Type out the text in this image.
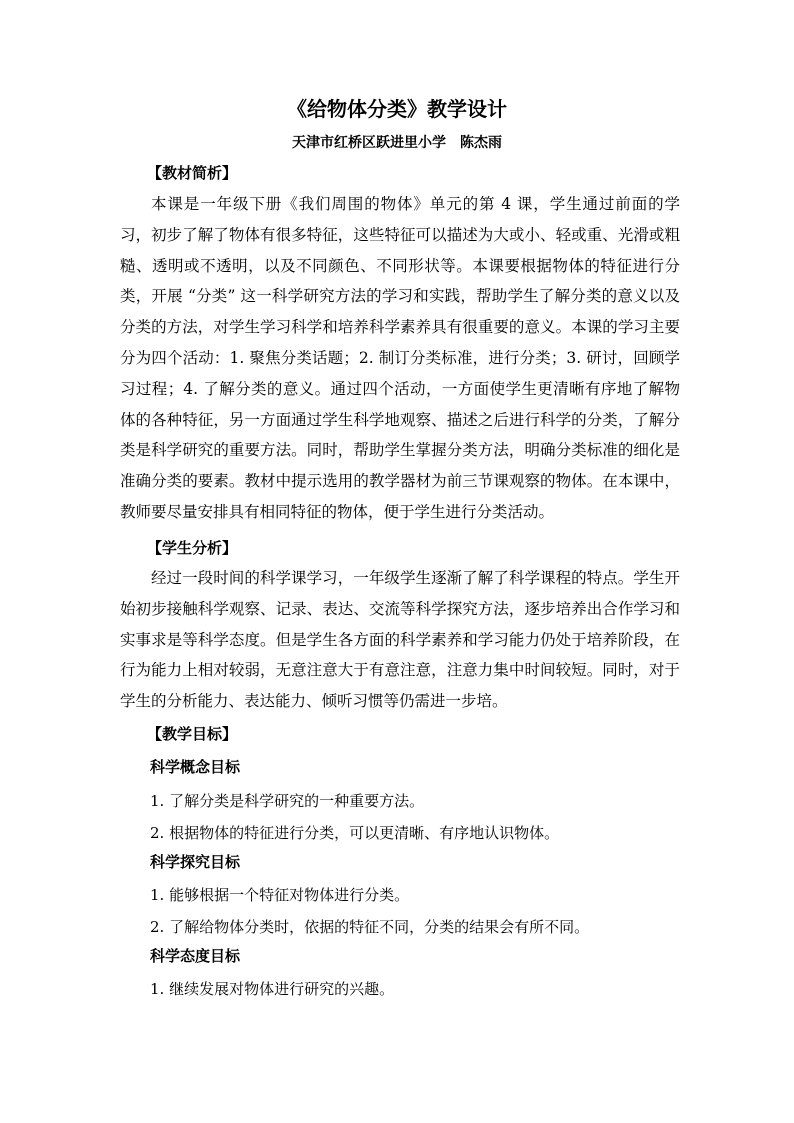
《给物体分类》教学设计
天津市红桥区跃进里小学　陈杰雨
【教材简析】
本课是一年级下册《我们周围的物体》单元的第 4 课，学生通过前面的学习，初步了解了物体有很多特征，这些特征可以描述为大或小、轻或重、光滑或粗糙、透明或不透明，以及不同颜色、不同形状等。本课要根据物体的特征进行分类，开展 “分类” 这一科学研究方法的学习和实践，帮助学生了解分类的意义以及分类的方法，对学生学习科学和培养科学素养具有很重要的意义。本课的学习主要分为四个活动：1. 聚焦分类话题；2. 制订分类标准，进行分类；3. 研讨，回顾学习过程；4. 了解分类的意义。通过四个活动，一方面使学生更清晰有序地了解物体的各种特征，另一方面通过学生科学地观察、描述之后进行科学的分类，了解分类是科学研究的重要方法。同时，帮助学生掌握分类方法，明确分类标准的细化是准确分类的要素。教材中提示选用的教学器材为前三节课观察的物体。在本课中，教师要尽量安排具有相同特征的物体，便于学生进行分类活动。
【学生分析】
经过一段时间的科学课学习，一年级学生逐渐了解了科学课程的特点。学生开始初步接触科学观察、记录、表达、交流等科学探究方法，逐步培养出合作学习和实事求是等科学态度。但是学生各方面的科学素养和学习能力仍处于培养阶段，在行为能力上相对较弱，无意注意大于有意注意，注意力集中时间较短。同时，对于学生的分析能力、表达能力、倾听习惯等仍需进一步培。
【教学目标】
科学概念目标
1. 了解分类是科学研究的一种重要方法。
2. 根据物体的特征进行分类，可以更清晰、有序地认识物体。
科学探究目标
1. 能够根据一个特征对物体进行分类。
2. 了解给物体分类时，依据的特征不同，分类的结果会有所不同。
科学态度目标
1. 继续发展对物体进行研究的兴趣。
